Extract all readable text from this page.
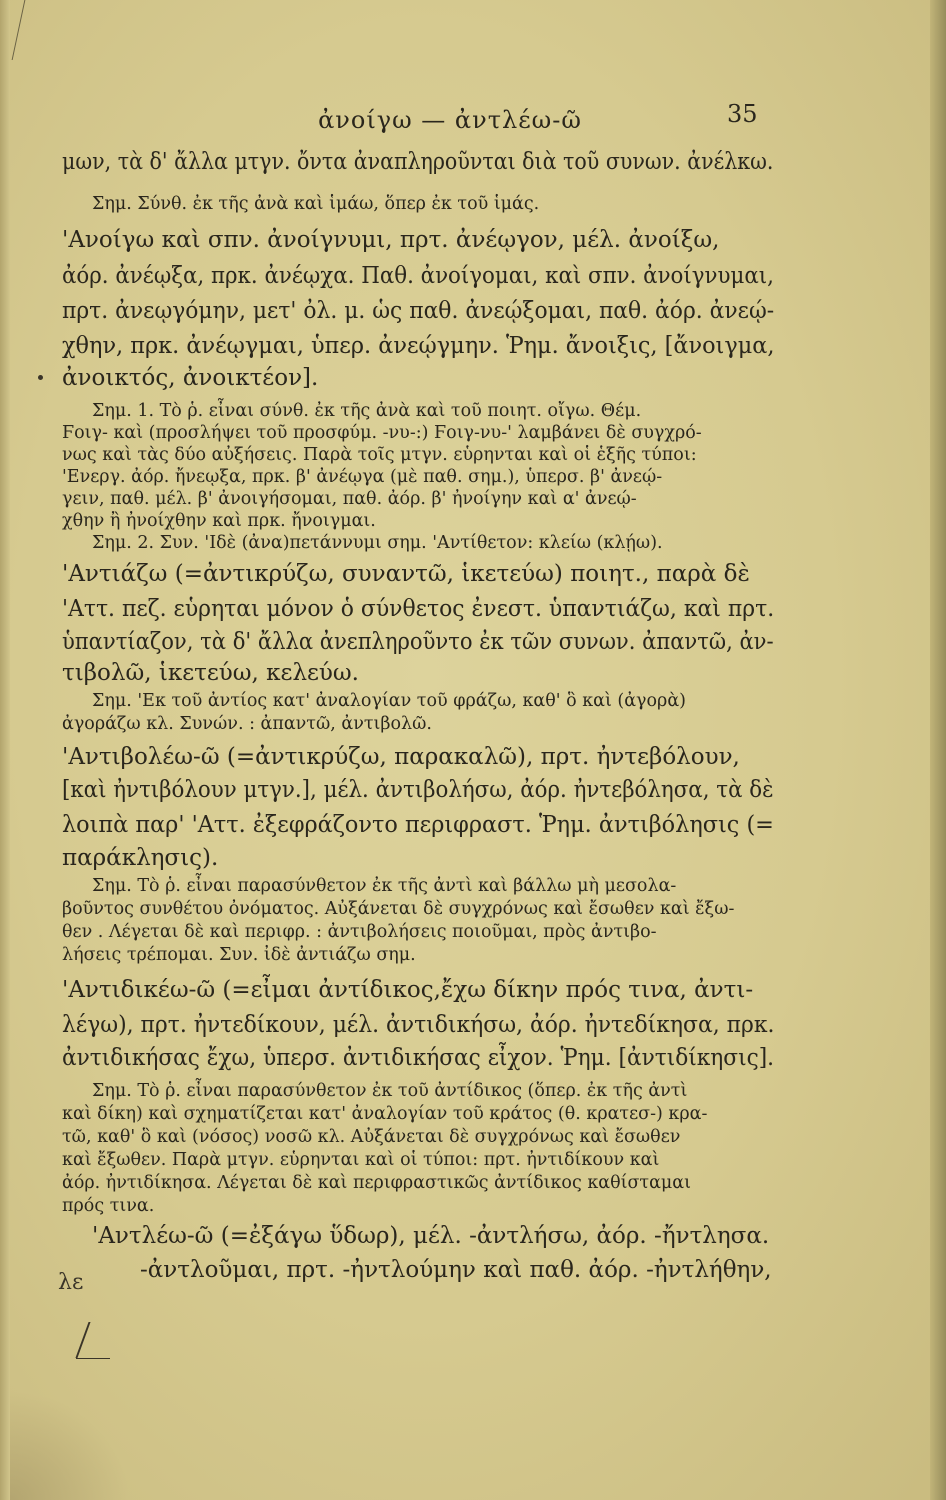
ἀνοίγω — ἀντλέω-ῶ	35
μων, τὰ δ' ἄλλα μτγν. ὄντα ἀναπληροῦνται διὰ τοῦ συνων. ἀνέλκω.
Σημ. Σύνθ. ἐκ τῆς ἀνὰ καὶ ἱμάω, ὅπερ ἐκ τοῦ ἱμάς.
'Ανοίγω καὶ σπν. ἀνοίγνυμι, πρτ. ἀνέῳγον, μέλ. ἀνοίξω,
ἀόρ. ἀνέῳξα, πρκ. ἀνέῳχα. Παθ. ἀνοίγομαι, καὶ σπν. ἀνοίγνυμαι,
πρτ. ἀνεῳγόμην, μετ' ὀλ. μ. ὡς παθ. ἀνεῴξομαι, παθ. ἀόρ. ἀνεῴ-
χθην, πρκ. ἀνέῳγμαι, ὑπερ. ἀνεῴγμην. Ῥημ. ἄνοιξις, [ἄνοιγμα,
ἀνοικτός, ἀνοικτέον].
Σημ. 1. Τὸ ῥ. εἶναι σύνθ. ἐκ τῆς ἀνὰ καὶ τοῦ ποιητ. οἴγω. Θέμ.
Ϝοιγ- καὶ (προσλήψει τοῦ προσφύμ. -νυ-:) Ϝοιγ-νυ-' λαμβάνει δὲ συγχρό-
νως καὶ τὰς δύο αὐξήσεις. Παρὰ τοῖς μτγν. εὑρηνται καὶ οἱ ἑξῆς τύποι:
'Ενεργ. ἀόρ. ἤνεῳξα, πρκ. β' ἀνέῳγα (μὲ παθ. σημ.), ὑπερσ. β' ἀνεῴ-
γειν, παθ. μέλ. β' ἀνοιγήσομαι, παθ. ἀόρ. β' ἠνοίγην καὶ α' ἀνεῴ-
χθην ἢ ἠνοίχθην καὶ πρκ. ἤνοιγμαι.
Σημ. 2. Συν. 'Ιδὲ (ἀνα)πετάννυμι σημ. 'Αντίθετον: κλείω (κλῄω).
'Αντιάζω (=ἀντικρύζω, συναντῶ, ἱκετεύω) ποιητ., παρὰ δὲ
'Αττ. πεζ. εὑρηται μόνον ὁ σύνθετος ἐνεστ. ὑπαντιάζω, καὶ πρτ.
ὑπαντίαζον, τὰ δ' ἄλλα ἀνεπληροῦντο ἐκ τῶν συνων. ἀπαντῶ, ἀν-
τιβολῶ, ἱκετεύω, κελεύω.
Σημ. 'Εκ τοῦ ἀντίος κατ' ἀναλογίαν τοῦ φράζω, καθ' ὃ καὶ (ἀγορὰ)
ἀγοράζω κλ. Συνών. : ἀπαντῶ, ἀντιβολῶ.
'Αντιβολέω-ῶ (=ἀντικρύζω, παρακαλῶ), πρτ. ἠντεβόλουν,
[καὶ ἠντιβόλουν μτγν.], μέλ. ἀντιβολήσω, ἀόρ. ἠντεβόλησα, τὰ δὲ
λοιπὰ παρ' 'Αττ. ἐξεφράζοντο περιφραστ. Ῥημ. ἀντιβόλησις (=
παράκλησις).
Σημ. Τὸ ῥ. εἶναι παρασύνθετον ἐκ τῆς ἀντὶ καὶ βάλλω μὴ μεσολα-
βοῦντος συνθέτου ὀνόματος. Αὐξάνεται δὲ συγχρόνως καὶ ἔσωθεν καὶ ἔξω-
θεν . Λέγεται δὲ καὶ περιφρ. : ἀντιβολήσεις ποιοῦμαι, πρὸς ἀντιβο-
λήσεις τρέπομαι. Συν. ἰδὲ ἀντιάζω σημ.
'Αντιδικέω-ῶ (=εἶμαι ἀντίδικος,ἔχω δίκην πρός τινα, ἀντι-
λέγω), πρτ. ἠντεδίκουν, μέλ. ἀντιδικήσω, ἀόρ. ἠντεδίκησα, πρκ.
ἀντιδικήσας ἔχω, ὑπερσ. ἀντιδικήσας εἶχον. Ῥημ. [ἀντιδίκησις].
Σημ. Τὸ ῥ. εἶναι παρασύνθετον ἐκ τοῦ ἀντίδικος (ὅπερ. ἐκ τῆς ἀντὶ
καὶ δίκη) καὶ σχηματίζεται κατ' ἀναλογίαν τοῦ κράτος (θ. κρατεσ-) κρα-
τῶ, καθ' ὃ καὶ (νόσος) νοσῶ κλ. Αὐξάνεται δὲ συγχρόνως καὶ ἔσωθεν
καὶ ἔξωθεν. Παρὰ μτγν. εὑρηνται καὶ οἱ τύποι: πρτ. ἠντιδίκουν καὶ
ἀόρ. ἠντιδίκησα. Λέγεται δὲ καὶ περιφραστικῶς ἀντίδικος καθίσταμαι
πρός τινα.
'Αντλέω-ῶ (=ἐξάγω ὕδωρ), μέλ. -ἀντλήσω, ἀόρ. -ἤντλησα.
-ἀντλοῦμαι, πρτ. -ἠντλούμην καὶ παθ. ἀόρ. -ἠντλήθην,
λε
